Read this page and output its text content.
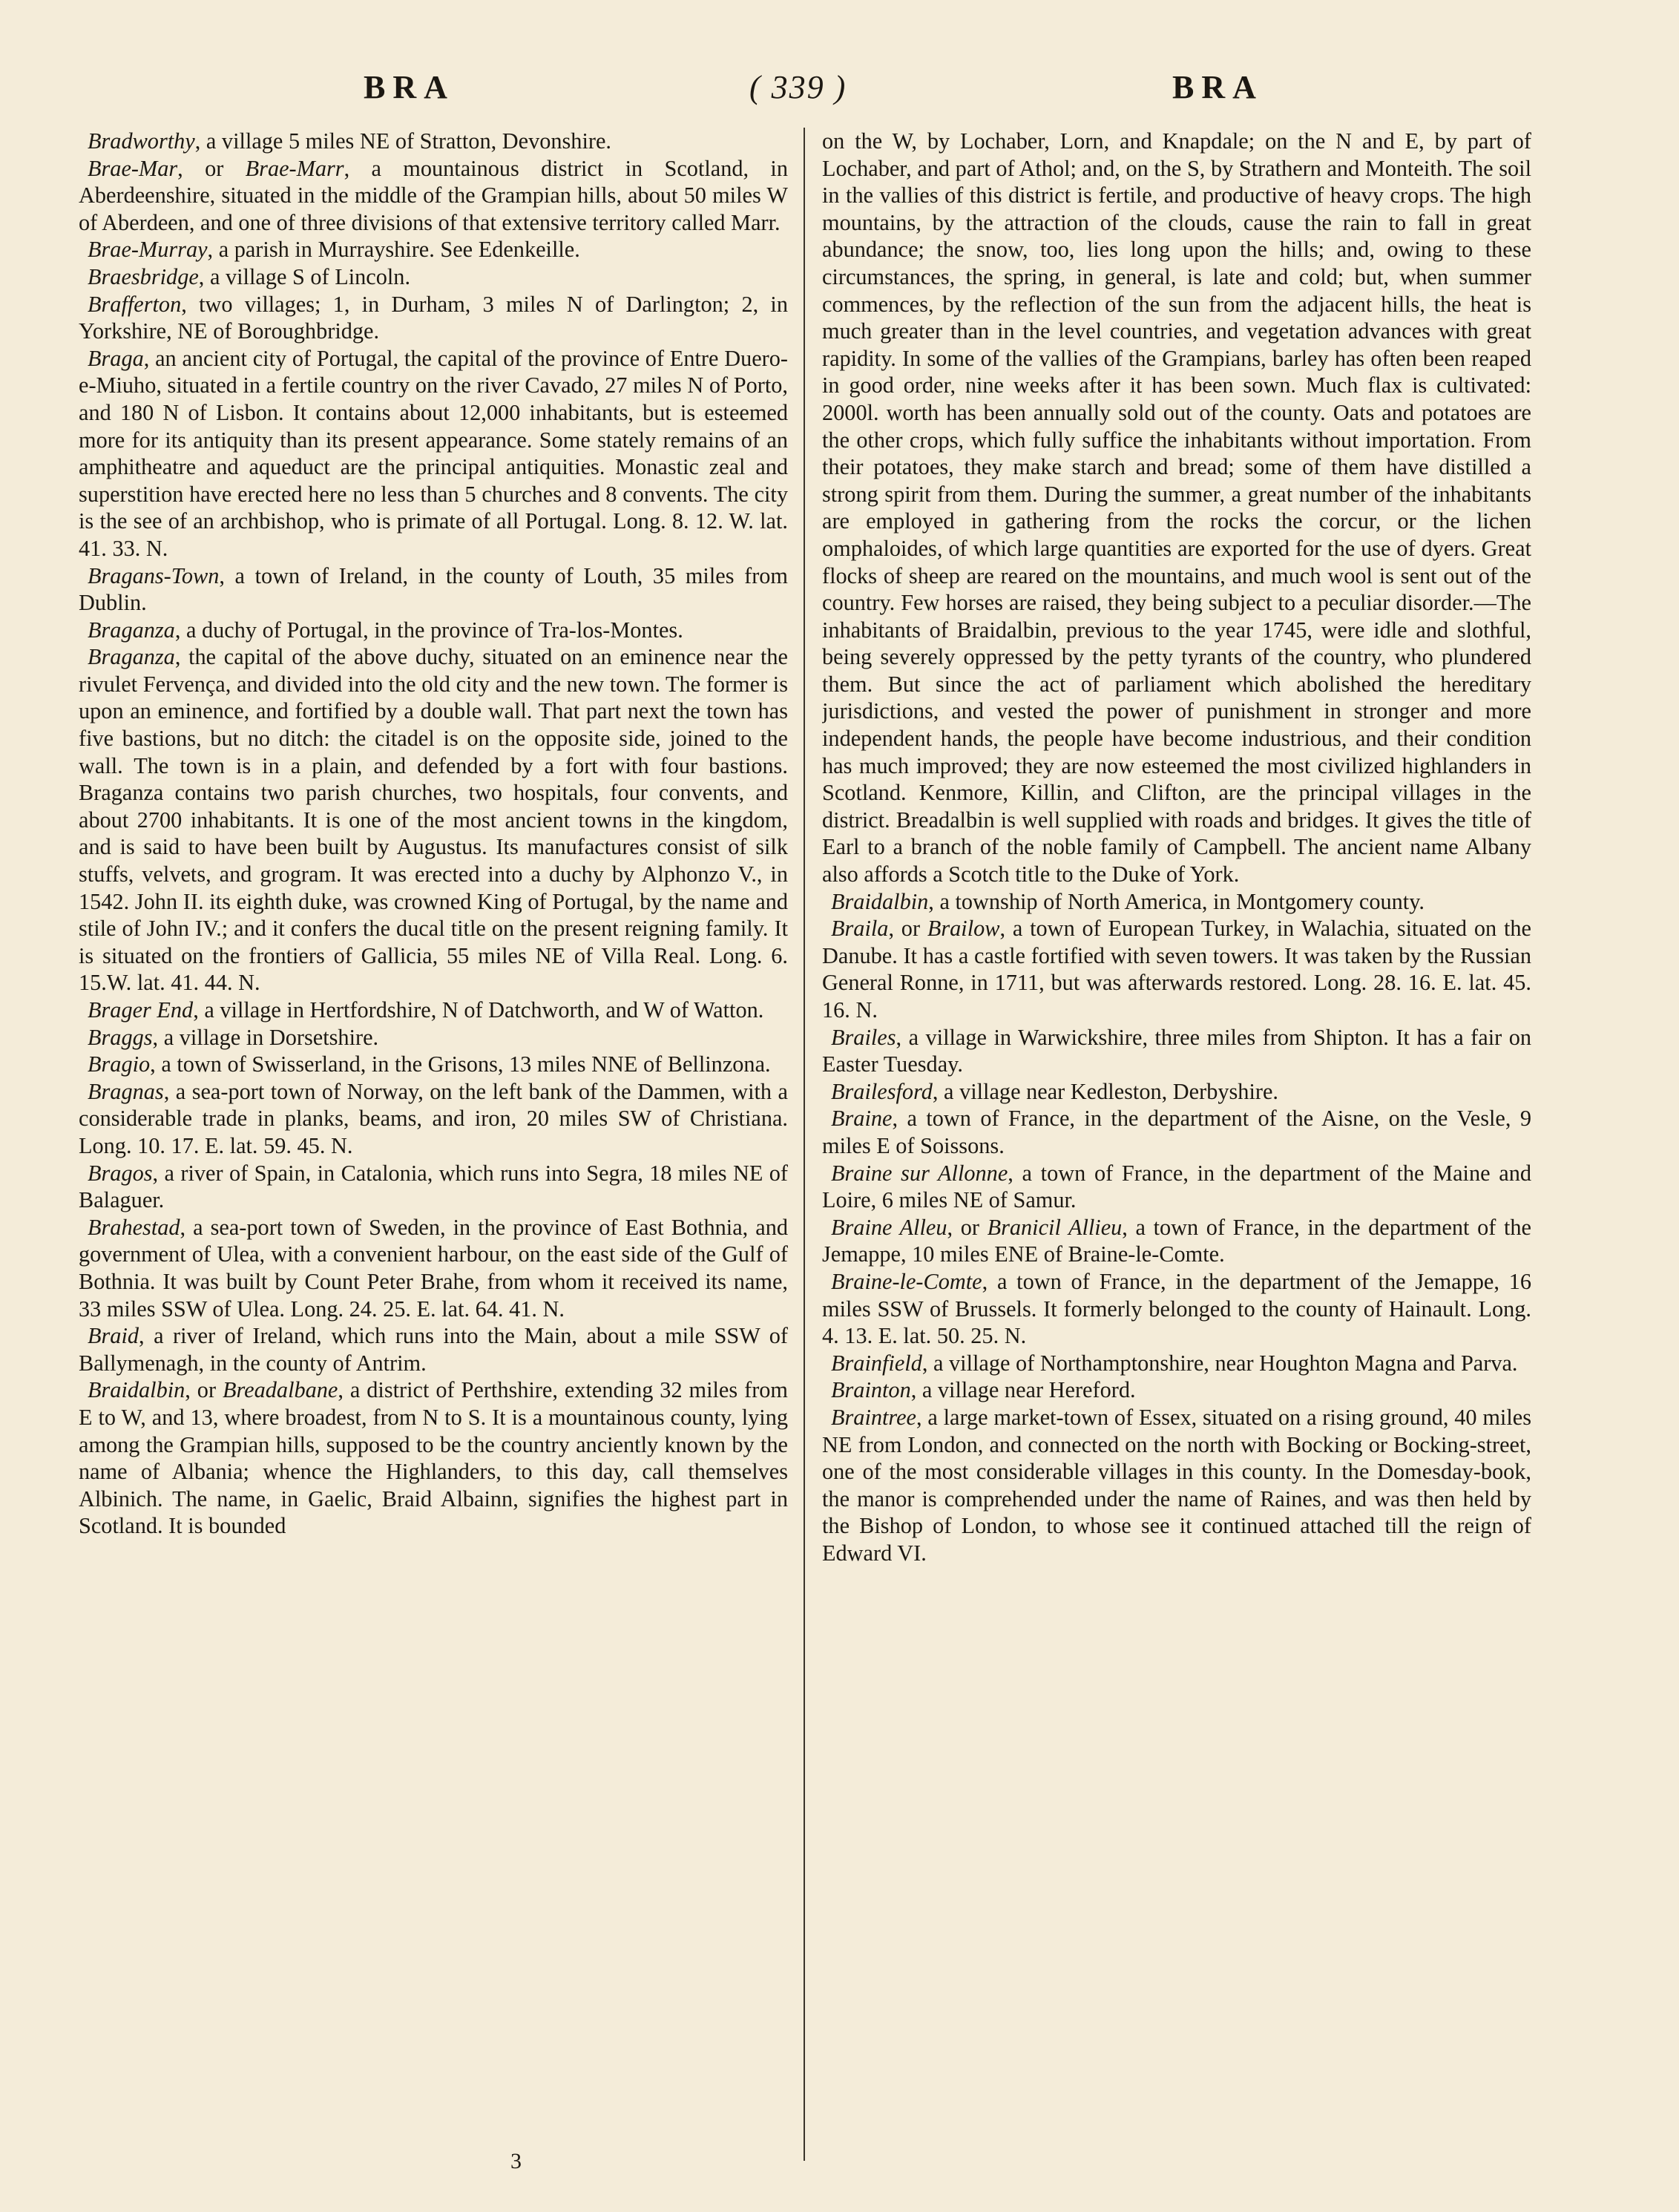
BRA	( 339 )	BRA

Bradworthy, a village 5 miles NE of Stratton, Devonshire.

Brae-Mar, or Brae-Marr, a mountainous district in Scotland, in Aberdeenshire, situated in the middle of the Grampian hills, about 50 miles W of Aberdeen, and one of three divisions of that extensive territory called Marr.

Brae-Murray, a parish in Murrayshire. See Edenkeille.

Braesbridge, a village S of Lincoln.

Brafferton, two villages; 1, in Durham, 3 miles N of Darlington; 2, in Yorkshire, NE of Boroughbridge.

Braga, an ancient city of Portugal, the capital of the province of Entre Duero-e-Miuho, situated in a fertile country on the river Cavado, 27 miles N of Porto, and 180 N of Lisbon. It contains about 12,000 inhabitants, but is esteemed more for its antiquity than its present appearance. Some stately remains of an amphitheatre and aqueduct are the principal antiquities. Monastic zeal and superstition have erected here no less than 5 churches and 8 convents. The city is the see of an archbishop, who is primate of all Portugal. Long. 8. 12. W. lat. 41. 33. N.

Bragans-Town, a town of Ireland, in the county of Louth, 35 miles from Dublin.

Braganza, a duchy of Portugal, in the province of Tra-los-Montes.

Braganza, the capital of the above duchy, situated on an eminence near the rivulet Fervença, and divided into the old city and the new town. The former is upon an eminence, and fortified by a double wall. That part next the town has five bastions, but no ditch: the citadel is on the opposite side, joined to the wall. The town is in a plain, and defended by a fort with four bastions. Braganza contains two parish churches, two hospitals, four convents, and about 2700 inhabitants. It is one of the most ancient towns in the kingdom, and is said to have been built by Augustus. Its manufactures consist of silk stuffs, velvets, and grogram. It was erected into a duchy by Alphonzo V., in 1542. John II. its eighth duke, was crowned King of Portugal, by the name and stile of John IV.; and it confers the ducal title on the present reigning family. It is situated on the frontiers of Gallicia, 55 miles NE of Villa Real. Long. 6. 15.W. lat. 41. 44. N.

Brager End, a village in Hertfordshire, N of Datchworth, and W of Watton.

Braggs, a village in Dorsetshire.

Bragio, a town of Swisserland, in the Grisons, 13 miles NNE of Bellinzona.

Bragnas, a sea-port town of Norway, on the left bank of the Dammen, with a considerable trade in planks, beams, and iron, 20 miles SW of Christiana. Long. 10. 17. E. lat. 59. 45. N.

Bragos, a river of Spain, in Catalonia, which runs into Segra, 18 miles NE of Balaguer.

Brahestad, a sea-port town of Sweden, in the province of East Bothnia, and government of Ulea, with a convenient harbour, on the east side of the Gulf of Bothnia. It was built by Count Peter Brahe, from whom it received its name, 33 miles SSW of Ulea. Long. 24. 25. E. lat. 64. 41. N.

Braid, a river of Ireland, which runs into the Main, about a mile SSW of Ballymenagh, in the county of Antrim.

Braidalbin, or Breadalbane, a district of Perthshire, extending 32 miles from E to W, and 13, where broadest, from N to S. It is a mountainous county, lying among the Grampian hills, supposed to be the country anciently known by the name of Albania; whence the Highlanders, to this day, call themselves Albinich. The name, in Gaelic, Braid Albainn, signifies the highest part in Scotland. It is bounded

on the W, by Lochaber, Lorn, and Knapdale; on the N and E, by part of Lochaber, and part of Athol; and, on the S, by Strathern and Monteith. The soil in the vallies of this district is fertile, and productive of heavy crops. The high mountains, by the attraction of the clouds, cause the rain to fall in great abundance; the snow, too, lies long upon the hills; and, owing to these circumstances, the spring, in general, is late and cold; but, when summer commences, by the reflection of the sun from the adjacent hills, the heat is much greater than in the level countries, and vegetation advances with great rapidity. In some of the vallies of the Grampians, barley has often been reaped in good order, nine weeks after it has been sown. Much flax is cultivated: 2000l. worth has been annually sold out of the county. Oats and potatoes are the other crops, which fully suffice the inhabitants without importation. From their potatoes, they make starch and bread; some of them have distilled a strong spirit from them. During the summer, a great number of the inhabitants are employed in gathering from the rocks the corcur, or the lichen omphaloides, of which large quantities are exported for the use of dyers. Great flocks of sheep are reared on the mountains, and much wool is sent out of the country. Few horses are raised, they being subject to a peculiar disorder.—The inhabitants of Braidalbin, previous to the year 1745, were idle and slothful, being severely oppressed by the petty tyrants of the country, who plundered them. But since the act of parliament which abolished the hereditary jurisdictions, and vested the power of punishment in stronger and more independent hands, the people have become industrious, and their condition has much improved; they are now esteemed the most civilized highlanders in Scotland. Kenmore, Killin, and Clifton, are the principal villages in the district. Breadalbin is well supplied with roads and bridges. It gives the title of Earl to a branch of the noble family of Campbell. The ancient name Albany also affords a Scotch title to the Duke of York.

Braidalbin, a township of North America, in Montgomery county.

Braila, or Brailow, a town of European Turkey, in Walachia, situated on the Danube. It has a castle fortified with seven towers. It was taken by the Russian General Ronne, in 1711, but was afterwards restored. Long. 28. 16. E. lat. 45. 16. N.

Brailes, a village in Warwickshire, three miles from Shipton. It has a fair on Easter Tuesday.

Brailesford, a village near Kedleston, Derbyshire.

Braine, a town of France, in the department of the Aisne, on the Vesle, 9 miles E of Soissons.

Braine sur Allonne, a town of France, in the department of the Maine and Loire, 6 miles NE of Samur.

Braine Alleu, or Branicil Allieu, a town of France, in the department of the Jemappe, 10 miles ENE of Braine-le-Comte.

Braine-le-Comte, a town of France, in the department of the Jemappe, 16 miles SSW of Brussels. It formerly belonged to the county of Hainault. Long. 4. 13. E. lat. 50. 25. N.

Brainfield, a village of Northamptonshire, near Houghton Magna and Parva.

Brainton, a village near Hereford.

Braintree, a large market-town of Essex, situated on a rising ground, 40 miles NE from London, and connected on the north with Bocking or Bocking-street, one of the most considerable villages in this county. In the Domesday-book, the manor is comprehended under the name of Raines, and was then held by the Bishop of London, to whose see it continued attached till the reign of Edward VI.

3
